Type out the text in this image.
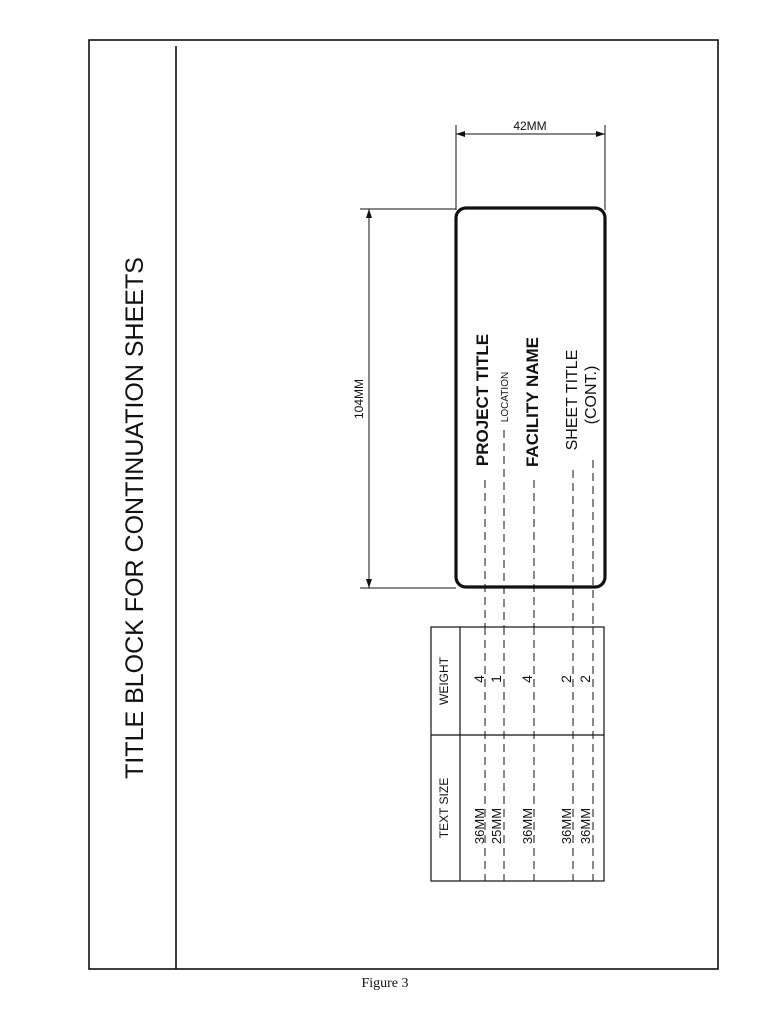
TITLE BLOCK FOR CONTINUATION SHEETS
42MM
104MM	PROJECT TITLE LOCATION FACILITY NAME SHEET TITLE (CONT.)
WEIGHT
TEXT SIZE
4 1 4 2 2
36MM 25MM 36MM 36MM 36MM
Figure 3
